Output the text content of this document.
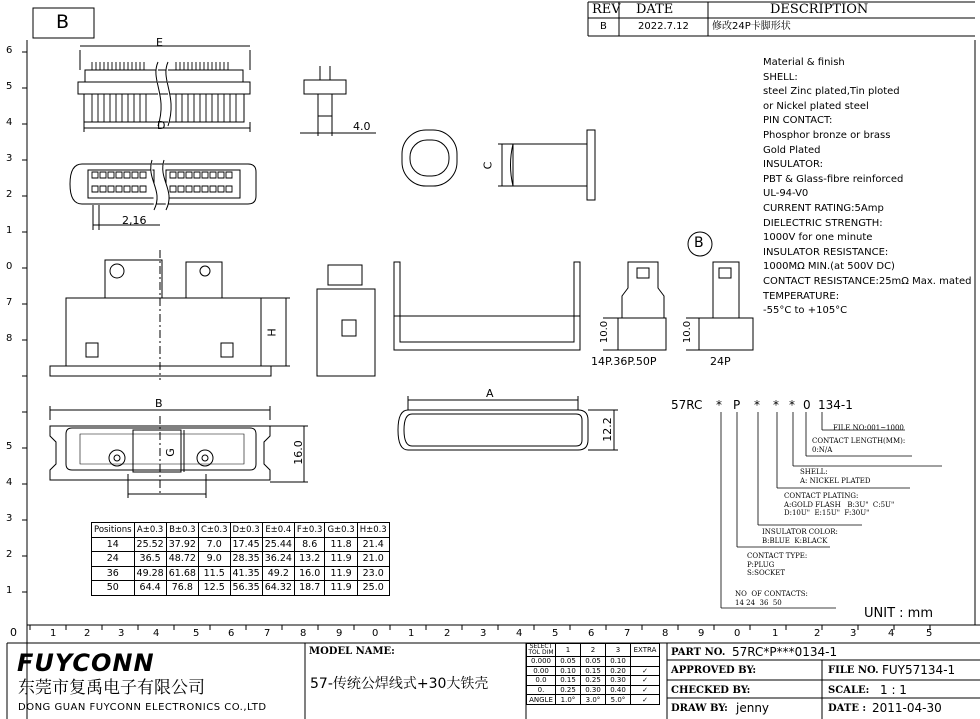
B
REV DATE	DESCRIPTION
B	2022.7.12 修改24P卡脚形状
6
5
4
3
2
1
0
7
8
5
4
3
2
1
0	1	2	3	4	5	6	7	8	9	0	1	2	3	4	5	6	7	8	9	0	1	2	3	4	5
E
D	4.0
2,16
C
H
B
G	16.0
A
12.2
10.0	10.0
B
14P.36P.50P	24P
Material & finish
SHELL:
steel Zinc plated,Tin ploted
or Nickel plated steel
PIN CONTACT:
Phosphor bronze or brass
Gold Plated
INSULATOR:
PBT & Glass-fibre reinforced
UL-94-V0
CURRENT RATING:5Amp
DIELECTRIC STRENGTH:
1000V for one minute
INSULATOR RESISTANCE:
1000MΩ MIN.(at 500V DC)
CONTACT RESISTANCE:25mΩ Max. mated
TEMPERATURE:
-55°C to +105°C
57RC * P * * * 0 134-1
FILE NO:001~1000
CONTACT LENGTH(MM): 0:N/A
SHELL:
A: NICKEL PLATED
CONTACT PLATING:
A:GOLD FLASH   B:3U"  C:5U"
D:10U"  E:15U"  F:30U"
INSULATOR COLOR:
B:BLUE  K:BLACK
CONTACT TYPE:
P:PLUG
S:SOCKET
NO  OF CONTACTS:
14 24  36  50
UNIT : mm
Positions	A±0.3	B±0.3	C±0.3	D±0.3	E±0.4	F±0.3	G±0.3	H±0.3
14	25.52	37.92	7.0	17.45	25.44	8.6	11.8	21.4
24	36.5	48.72	9.0	28.35	36.24	13.2	11.9	21.0
36	49.28	61.68	11.5	41.35	49.2	16.0	11.9	23.0
50	64.4	76.8	12.5	56.35	64.32	18.7	11.9	25.0
FUYCONN
东莞市复禹电子有限公司
DONG GUAN FUYCONN ELECTRONICS CO.,LTD
MODEL NAME:
57-传统公焊线式+30大铁壳
PART NO. 57RC*P***0134-1
APPROVED BY:
CHECKED BY:
DRAW BY: jenny
FILE NO. FUY57134-1
SCALE: 1 : 1
DATE : 2011-04-30
SELECT TOL DIM	1	2	3	EXTRA
0.000	0.05	0.05	0.10	
0.00	0.10	0.15	0.20	✓
0.0	0.15	0.25	0.30	✓
0.	0.25	0.30	0.40	✓
ANGLE	1.0°	3.0°	5.0°	✓
